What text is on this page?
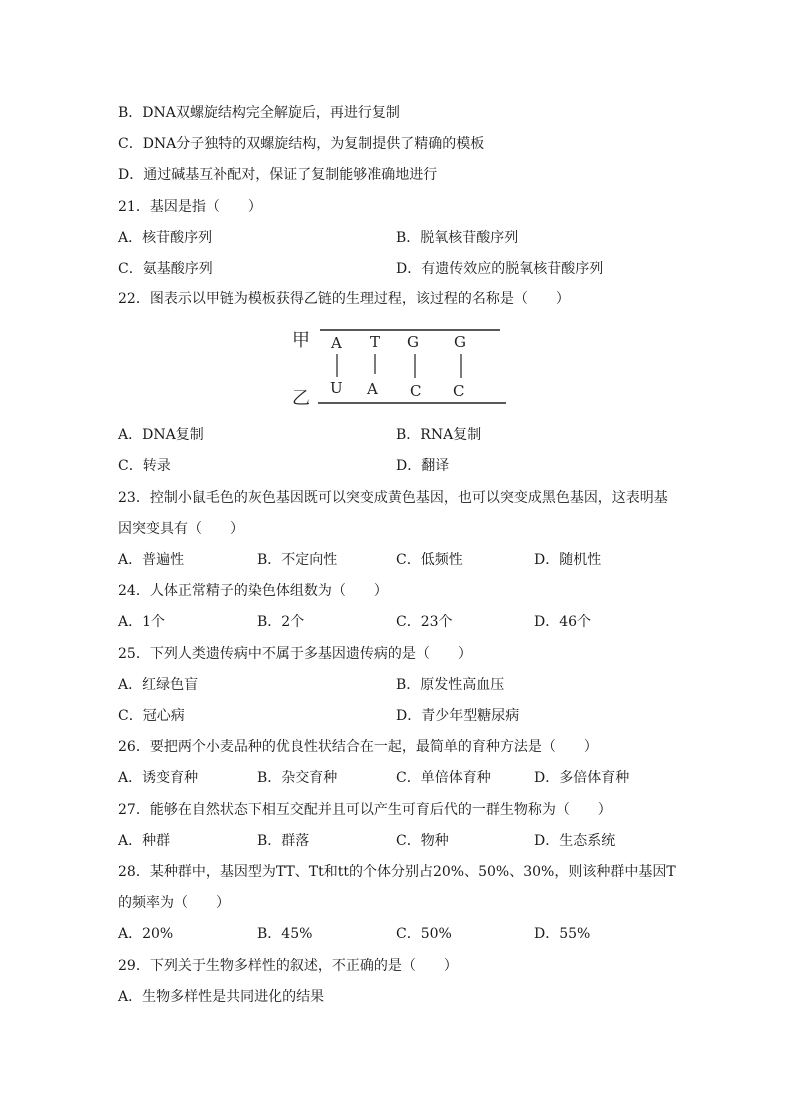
B．DNA双螺旋结构完全解旋后，再进行复制
C．DNA分子独特的双螺旋结构，为复制提供了精确的模板
D．通过碱基互补配对，保证了复制能够准确地进行
21．基因是指（　　）
A．核苷酸序列	B．脱氧核苷酸序列
C．氨基酸序列	D．有遗传效应的脱氧核苷酸序列
22．图表示以甲链为模板获得乙链的生理过程，该过程的名称是（　　）
甲 A T G G
U A C C
乙
A．DNA复制	B．RNA复制
C．转录	D．翻译
23．控制小鼠毛色的灰色基因既可以突变成黄色基因，也可以突变成黑色基因，这表明基
因突变具有（　　）
A．普遍性	B．不定向性	C．低频性	D．随机性
24．人体正常精子的染色体组数为（　　）
A．1个	B．2个	C．23个	D．46个
25．下列人类遗传病中不属于多基因遗传病的是（　　）
A．红绿色盲	B．原发性高血压
C．冠心病	D．青少年型糖尿病
26．要把两个小麦品种的优良性状结合在一起，最简单的育种方法是（　　）
A．诱变育种	B．杂交育种	C．单倍体育种	D．多倍体育种
27．能够在自然状态下相互交配并且可以产生可育后代的一群生物称为（　　）
A．种群	B．群落	C．物种	D．生态系统
28．某种群中，基因型为TT、Tt和tt的个体分别占20%、50%、30%，则该种群中基因T
的频率为（　　）
A．20%	B．45%	C．50%	D．55%
29．下列关于生物多样性的叙述，不正确的是（　　）
A．生物多样性是共同进化的结果
